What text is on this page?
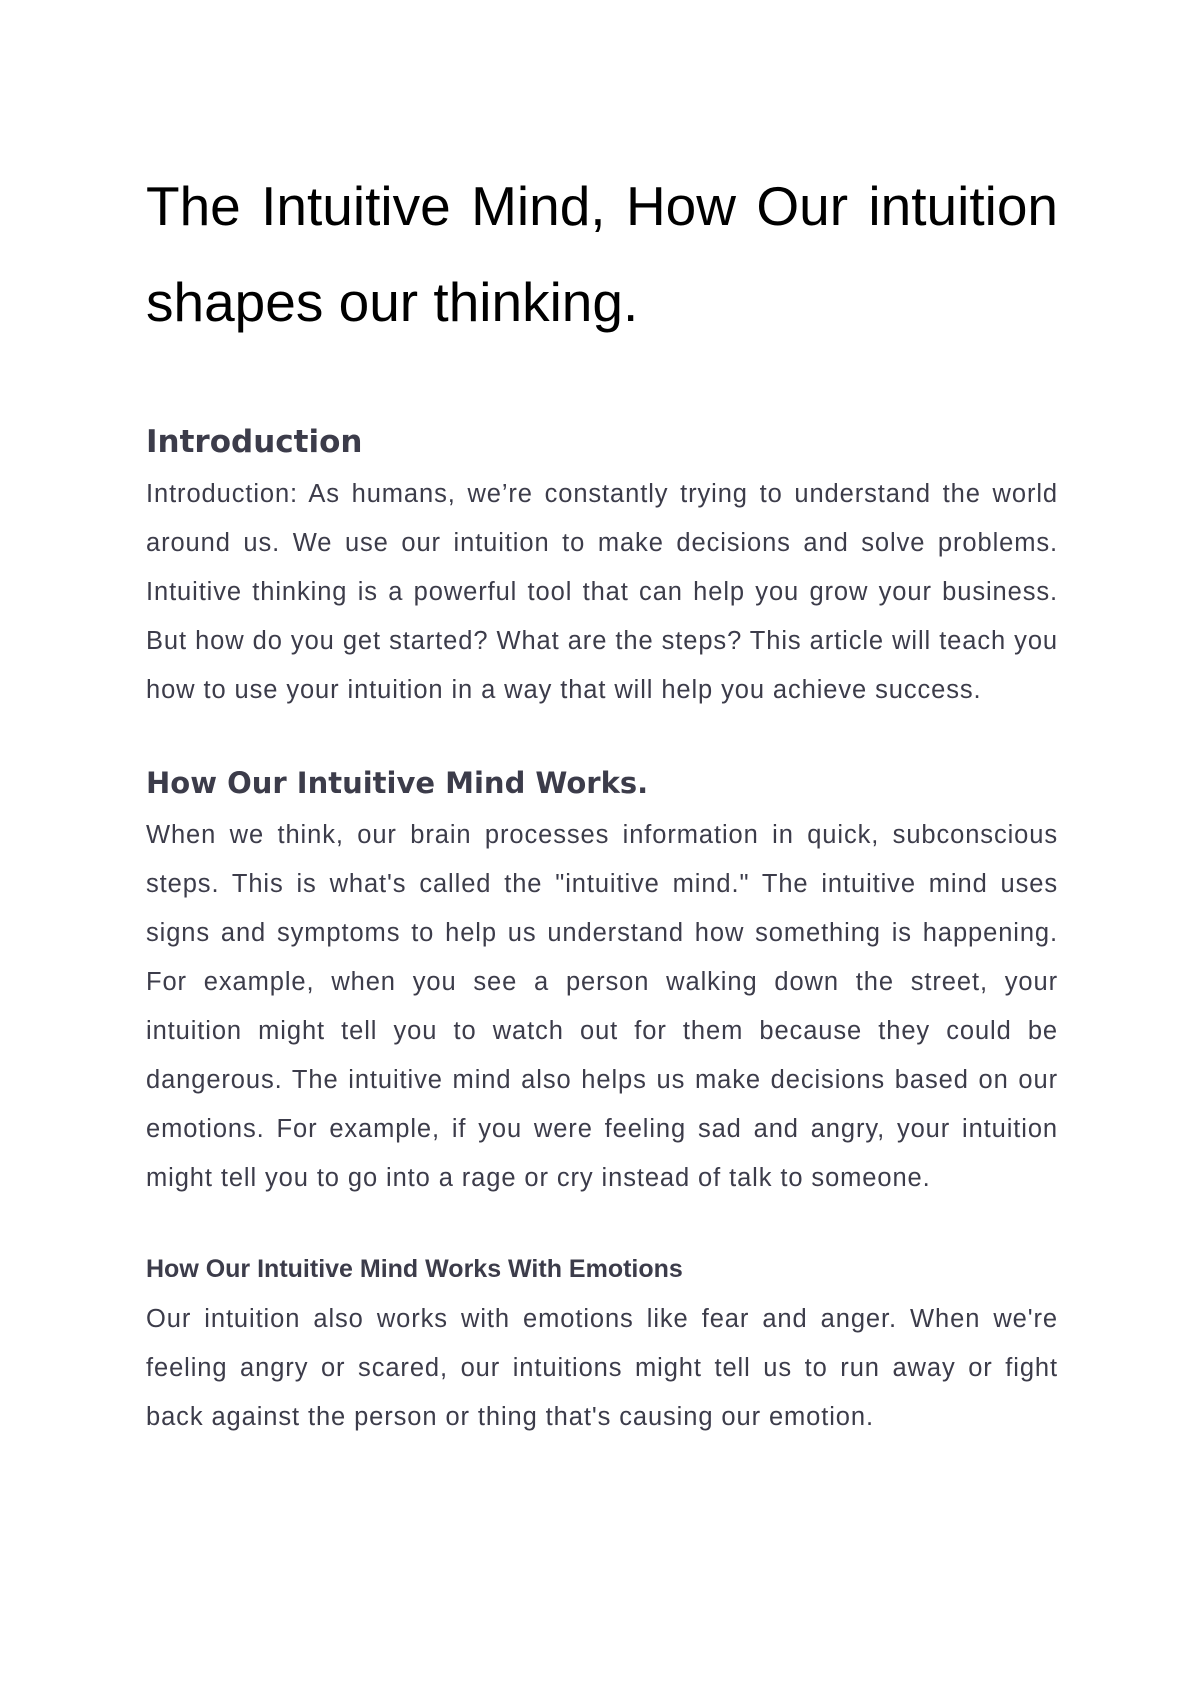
The Intuitive Mind, How Our intuition shapes our thinking.
Introduction

Introduction: As humans, we’re constantly trying to understand the world around us. We use our intuition to make decisions and solve problems. Intuitive thinking is a powerful tool that can help you grow your business. But how do you get started? What are the steps? This article will teach you how to use your intuition in a way that will help you achieve success.

How Our Intuitive Mind Works.

When we think, our brain processes information in quick, subconscious steps. This is what's called the "intuitive mind." The intuitive mind uses signs and symptoms to help us understand how something is happening. For example, when you see a person walking down the street, your intuition might tell you to watch out for them because they could be dangerous. The intuitive mind also helps us make decisions based on our emotions. For example, if you were feeling sad and angry, your intuition might tell you to go into a rage or cry instead of talk to someone.

How Our Intuitive Mind Works With Emotions

Our intuition also works with emotions like fear and anger. When we're feeling angry or scared, our intuitions might tell us to run away or fight back against the person or thing that's causing our emotion.
